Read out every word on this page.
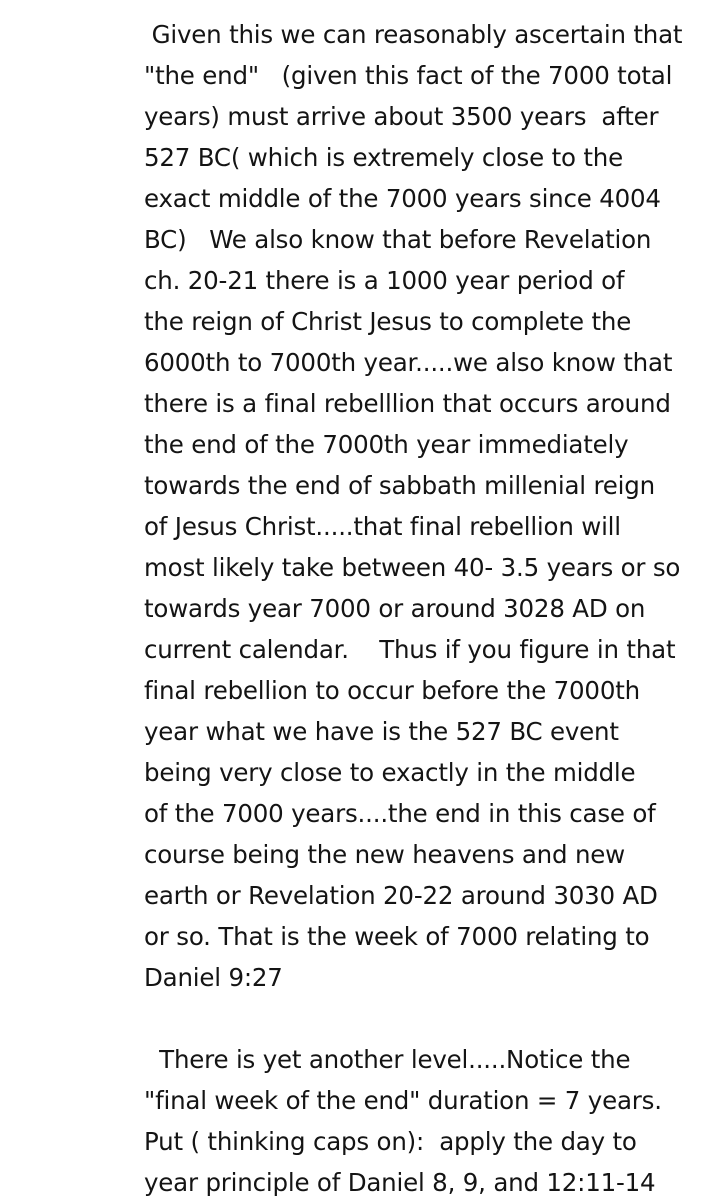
Given this we can reasonably ascertain that
"the end"   (given this fact of the 7000 total
years) must arrive about 3500 years  after
527 BC( which is extremely close to the
exact middle of the 7000 years since 4004
BC)   We also know that before Revelation
ch. 20-21 there is a 1000 year period of
the reign of Christ Jesus to complete the
6000th to 7000th year.....we also know that
there is a final rebelllion that occurs around
the end of the 7000th year immediately
towards the end of sabbath millenial reign
of Jesus Christ.....that final rebellion will
most likely take between 40- 3.5 years or so
towards year 7000 or around 3028 AD on
current calendar.    Thus if you figure in that
final rebellion to occur before the 7000th
year what we have is the 527 BC event
being very close to exactly in the middle
of the 7000 years....the end in this case of
course being the new heavens and new
earth or Revelation 20-22 around 3030 AD
or so. That is the week of 7000 relating to
Daniel 9:27
There is yet another level.....Notice the
"final week of the end" duration = 7 years.
Put ( thinking caps on):  apply the day to
year principle of Daniel 8, 9, and 12:11-14
